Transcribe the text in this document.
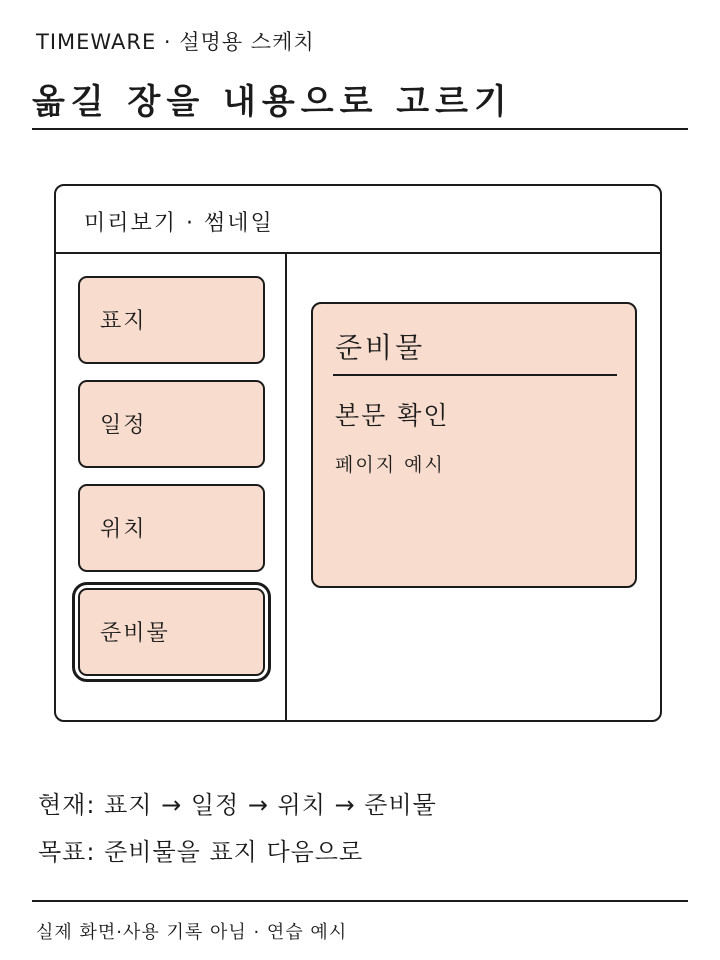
TIMEWARE · 설명용 스케치
옮길 장을 내용으로 고르기
미리보기 · 썸네일
표지
일정
위치
준비물
준비물
본문 확인
페이지 예시
현재: 표지 → 일정 → 위치 → 준비물
목표: 준비물을 표지 다음으로
실제 화면·사용 기록 아님 · 연습 예시
